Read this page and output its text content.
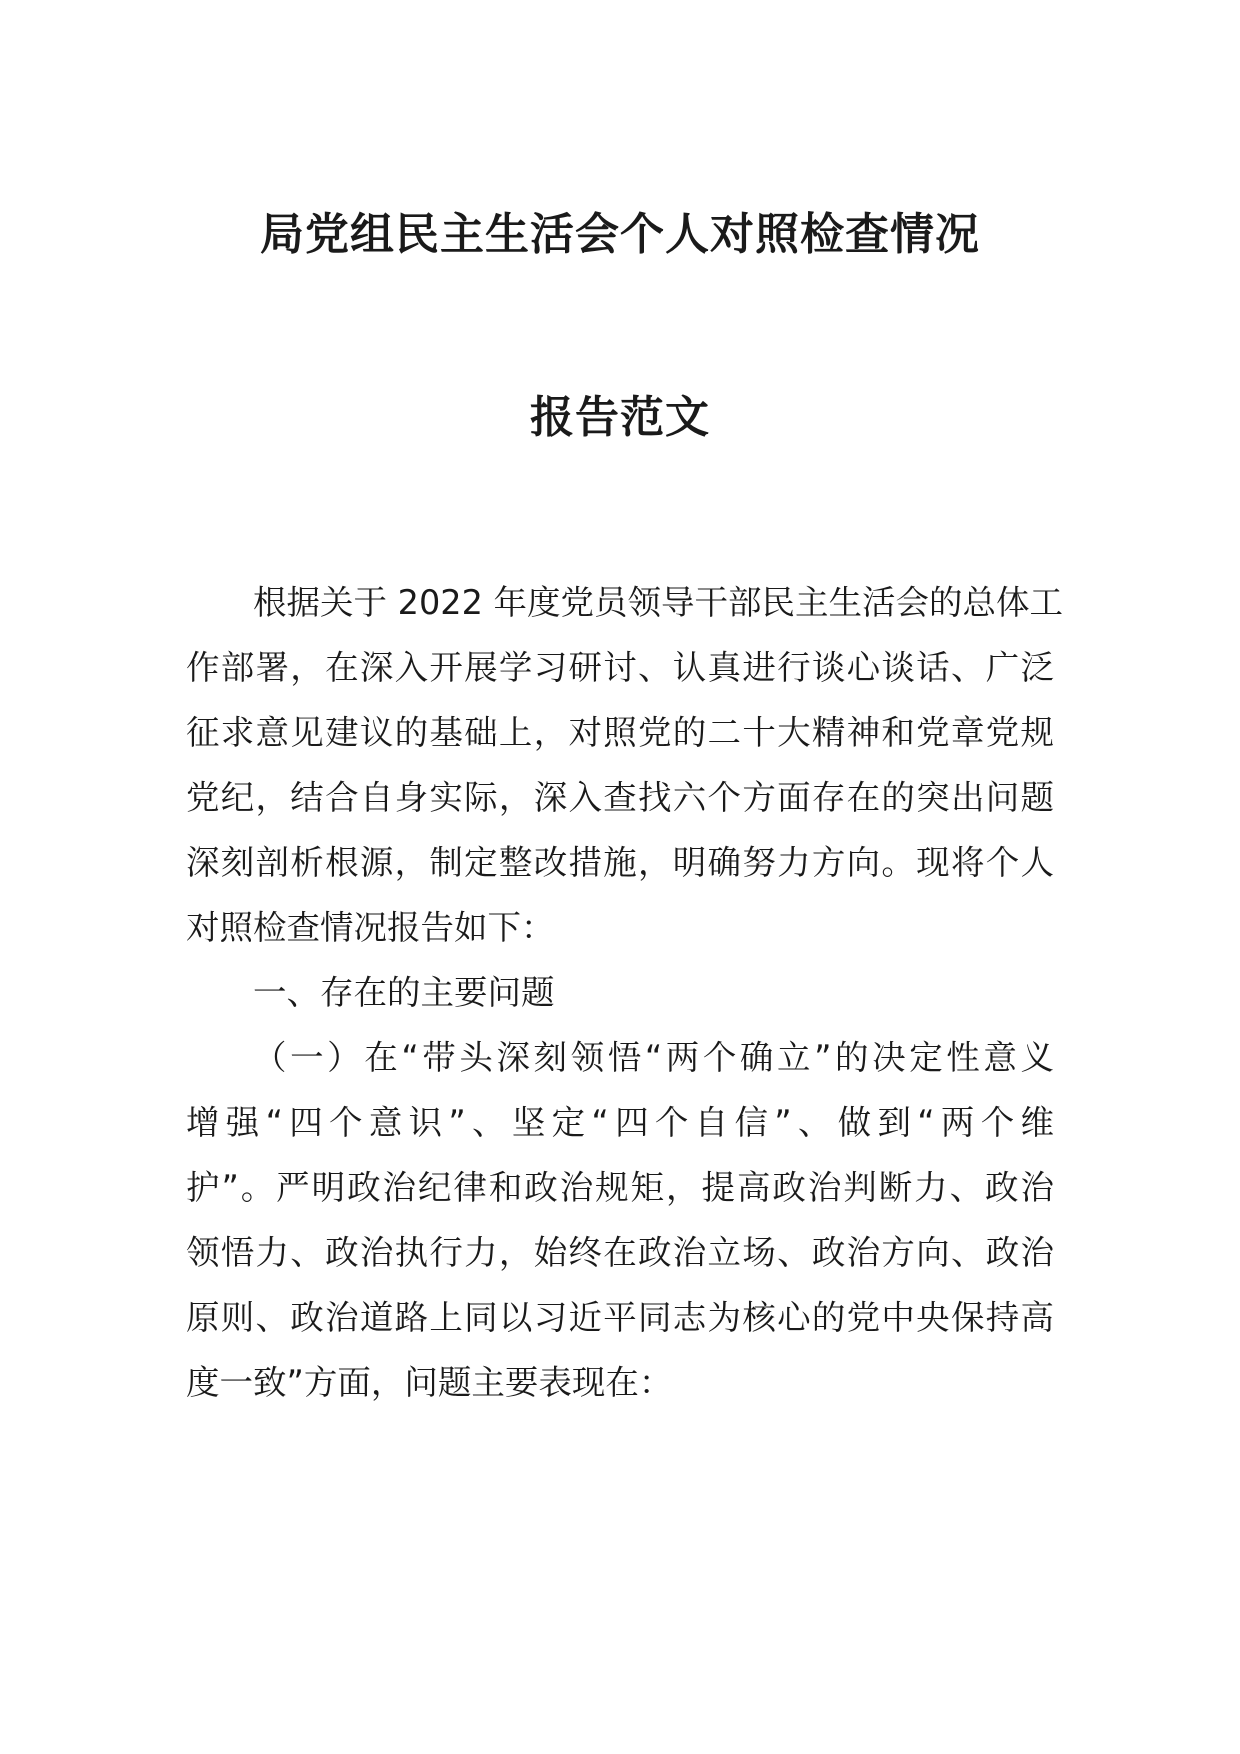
局党组民主生活会个人对照检查情况
报告范文
根据关于 2022 年度党员领导干部民主生活会的总体工
作部署，在深入开展学习研讨、认真进行谈心谈话、广泛
征求意见建议的基础上，对照党的二十大精神和党章党规
党纪，结合自身实际，深入查找六个方面存在的突出问题
深刻剖析根源，制定整改措施，明确努力方向。现将个人
对照检查情况报告如下：
一、存在的主要问题
（一）在“带头深刻领悟“两个确立”的决定性意义
增强“四个意识”、坚定“四个自信”、做到“两个维
护”。严明政治纪律和政治规矩，提高政治判断力、政治
领悟力、政治执行力，始终在政治立场、政治方向、政治
原则、政治道路上同以习近平同志为核心的党中央保持高
度一致”方面，问题主要表现在：
